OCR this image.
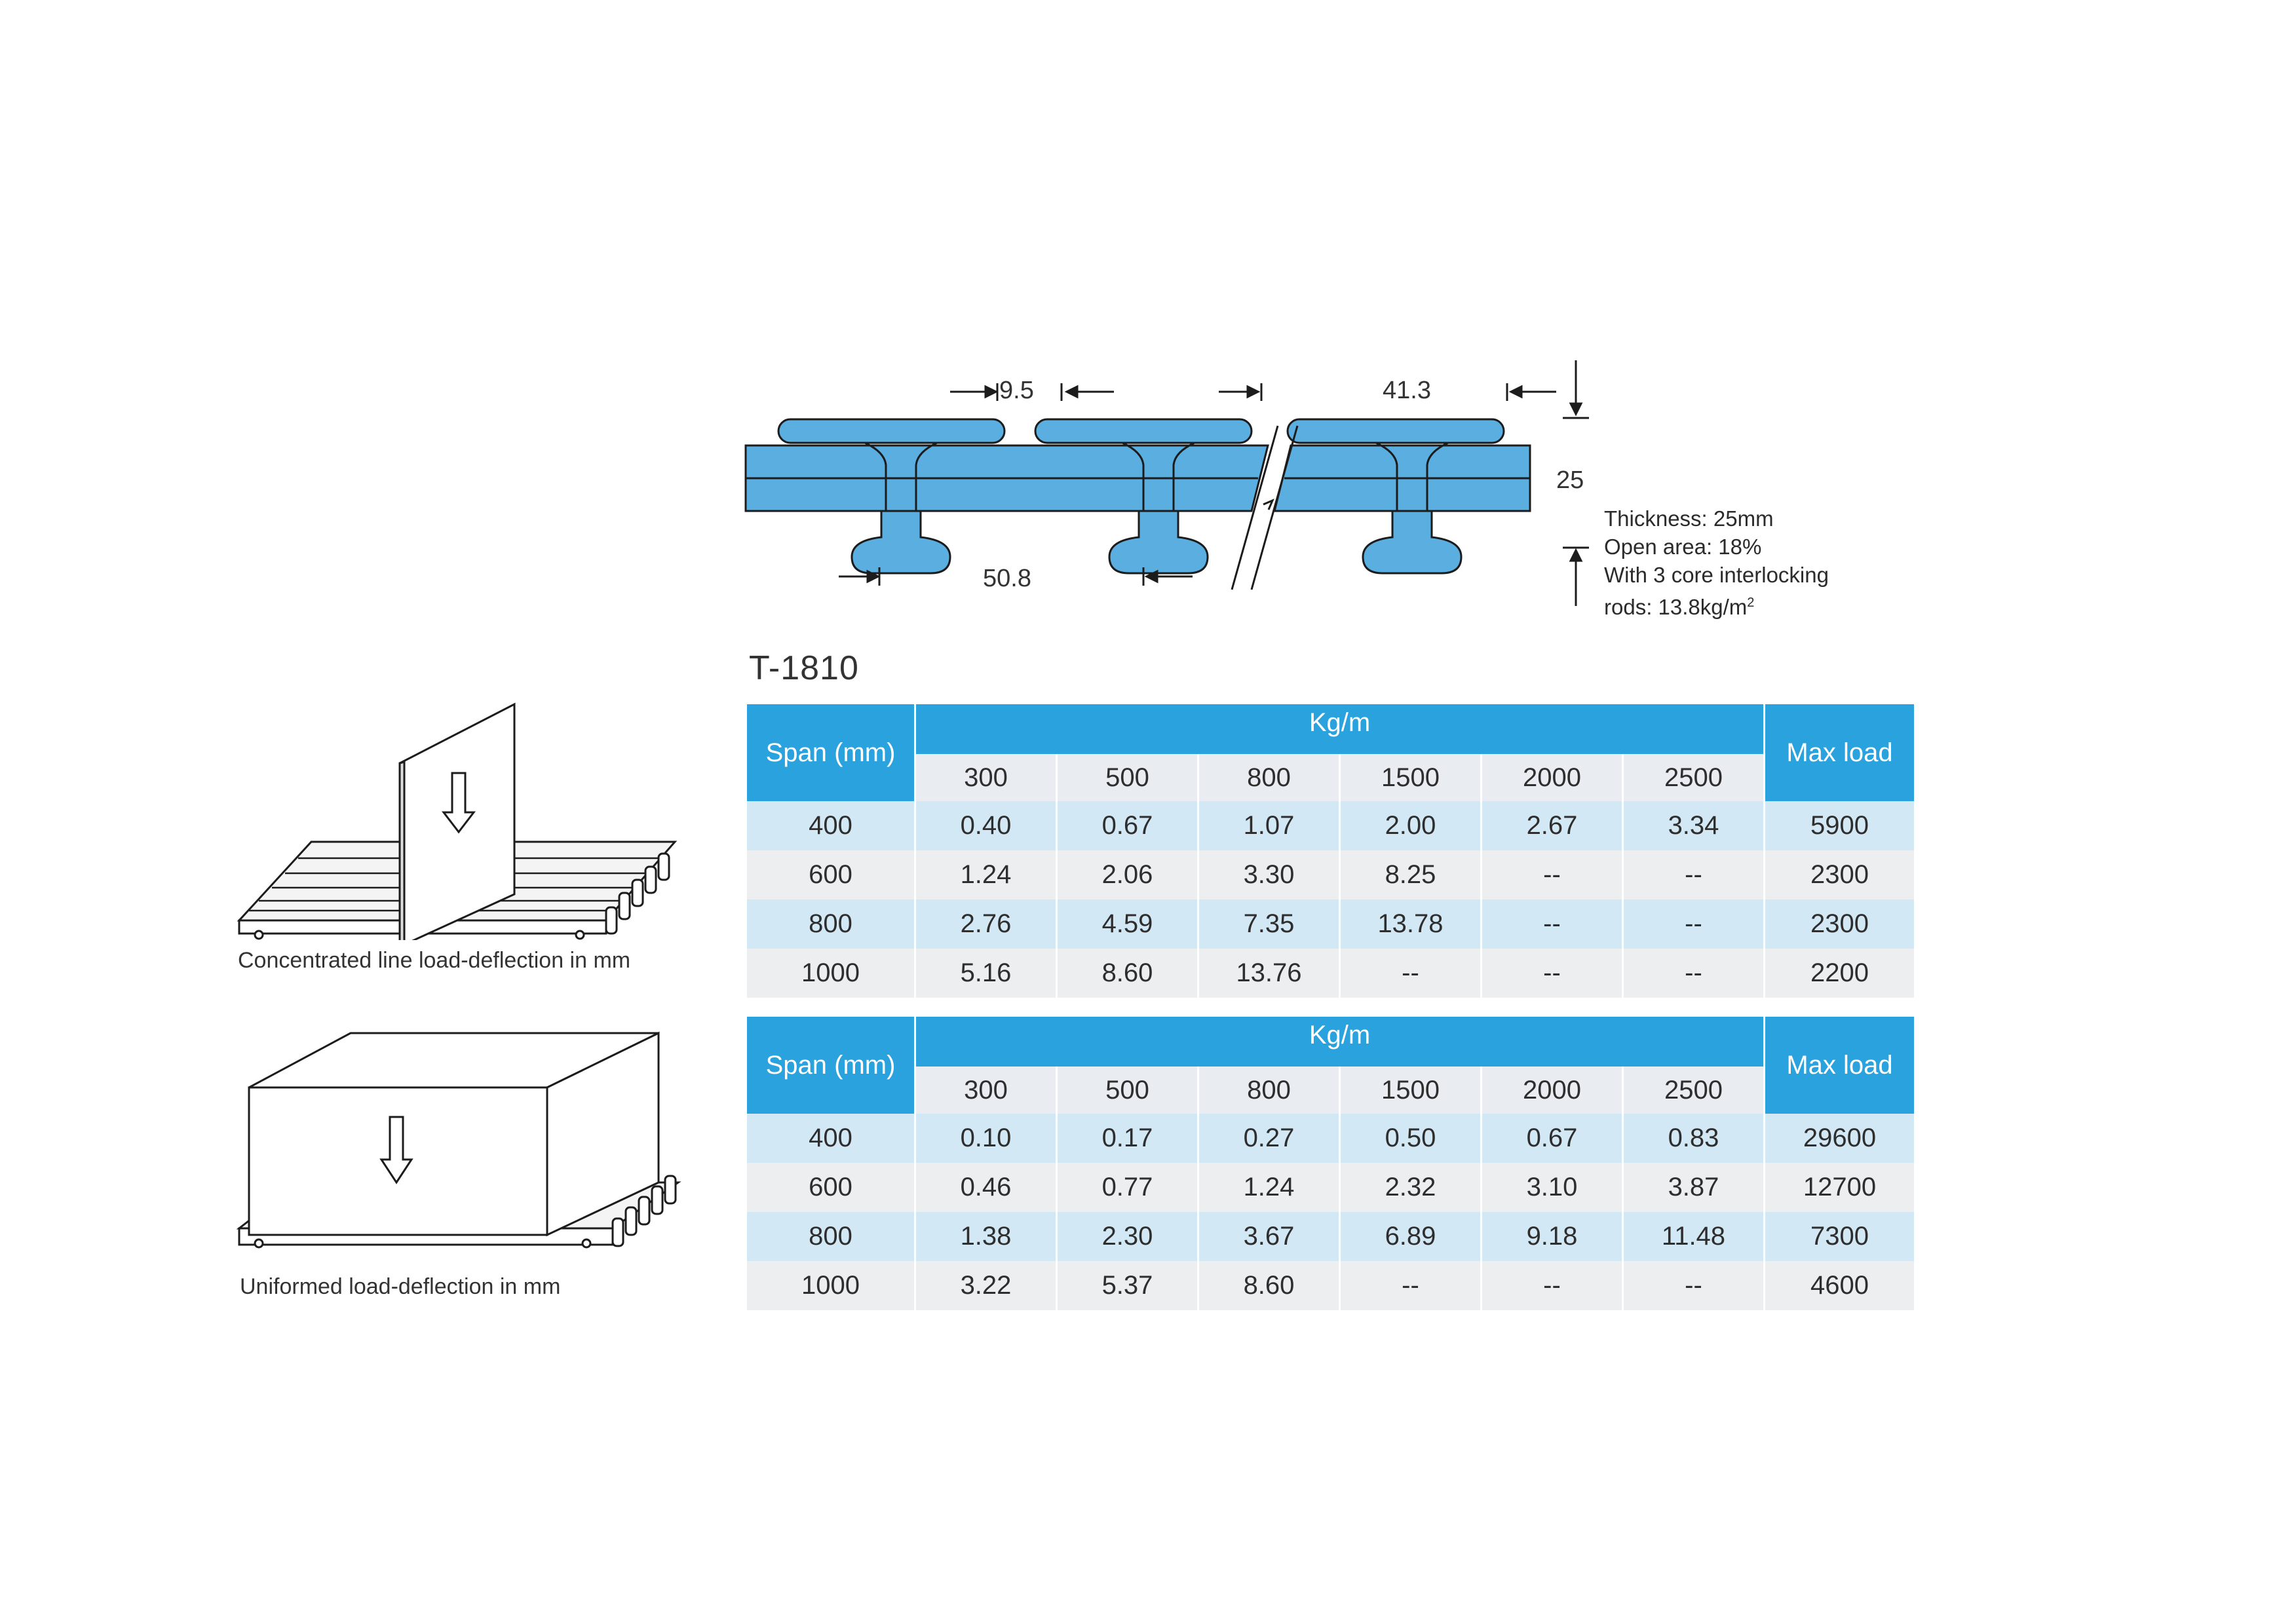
9.5	41.3
25
50.8
Thickness: 25mm
Open area: 18%
With 3 core interlocking
rods: $13.8kg/m^2$
T-1810
Concentrated line load-deflection in mm
Uniformed load-deflection in mm
Span (mm)
Kg/m
Max load
300	500	800	1500	2000	2500
400	0.40	0.67	1.07	2.00	2.67	3.34	5900
600	1.24	2.06	3.30	8.25	--	--	2300
800	2.76	4.59	7.35	13.78	--	--	2300
1000	5.16	8.60	13.76	--	--	--	2200
Span (mm)
Kg/m
Max load
300	500	800	1500	2000	2500
400	0.10	0.17	0.27	0.50	0.67	0.83	29600
600	0.46	0.77	1.24	2.32	3.10	3.87	12700
800	1.38	2.30	3.67	6.89	9.18	11.48	7300
1000	3.22	5.37	8.60	--	--	--	4600
